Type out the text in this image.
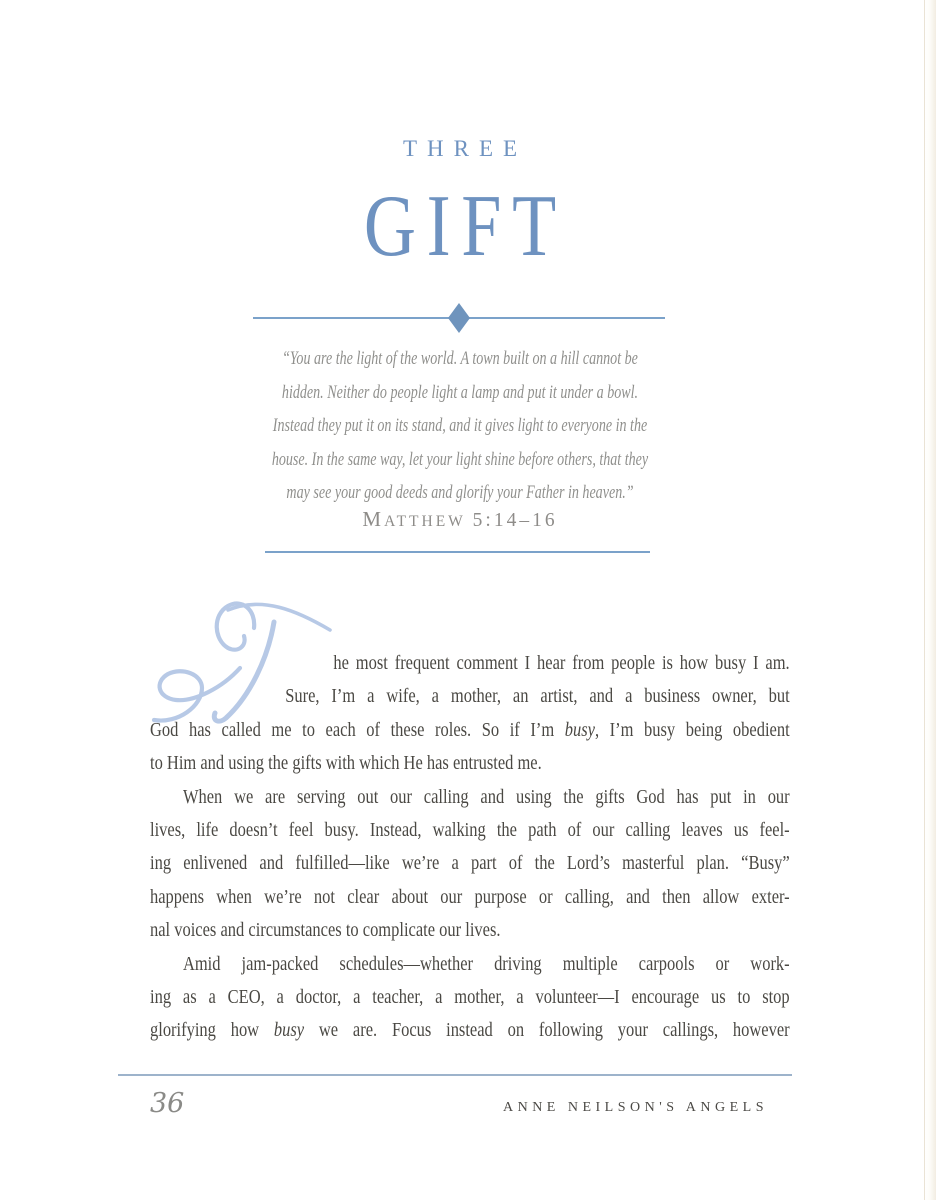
THREE
GIFT
“You are the light of the world. A town built on a hill cannot be
hidden. Neither do people light a lamp and put it under a bowl.
Instead they put it on its stand, and it gives light to everyone in the
house. In the same way, let your light shine before others, that they
may see your good deeds and glorify your Father in heaven.”
MATTHEW 5:14–16
he most frequent comment I hear from people is how busy I am.
Sure, I’m a wife, a mother, an artist, and a business owner, but
God has called me to each of these roles. So if I’m busy, I’m busy being obedient
to Him and using the gifts with which He has entrusted me.
When we are serving out our calling and using the gifts God has put in our
lives, life doesn’t feel busy. Instead, walking the path of our calling leaves us feel-
ing enlivened and fulfilled—like we’re a part of the Lord’s masterful plan. “Busy”
happens when we’re not clear about our purpose or calling, and then allow exter-
nal voices and circumstances to complicate our lives.
Amid jam-packed schedules—whether driving multiple carpools or work-
ing as a CEO, a doctor, a teacher, a mother, a volunteer—I encourage us to stop
glorifying how busy we are. Focus instead on following your callings, however
36	ANNE NEILSON'S ANGELS
